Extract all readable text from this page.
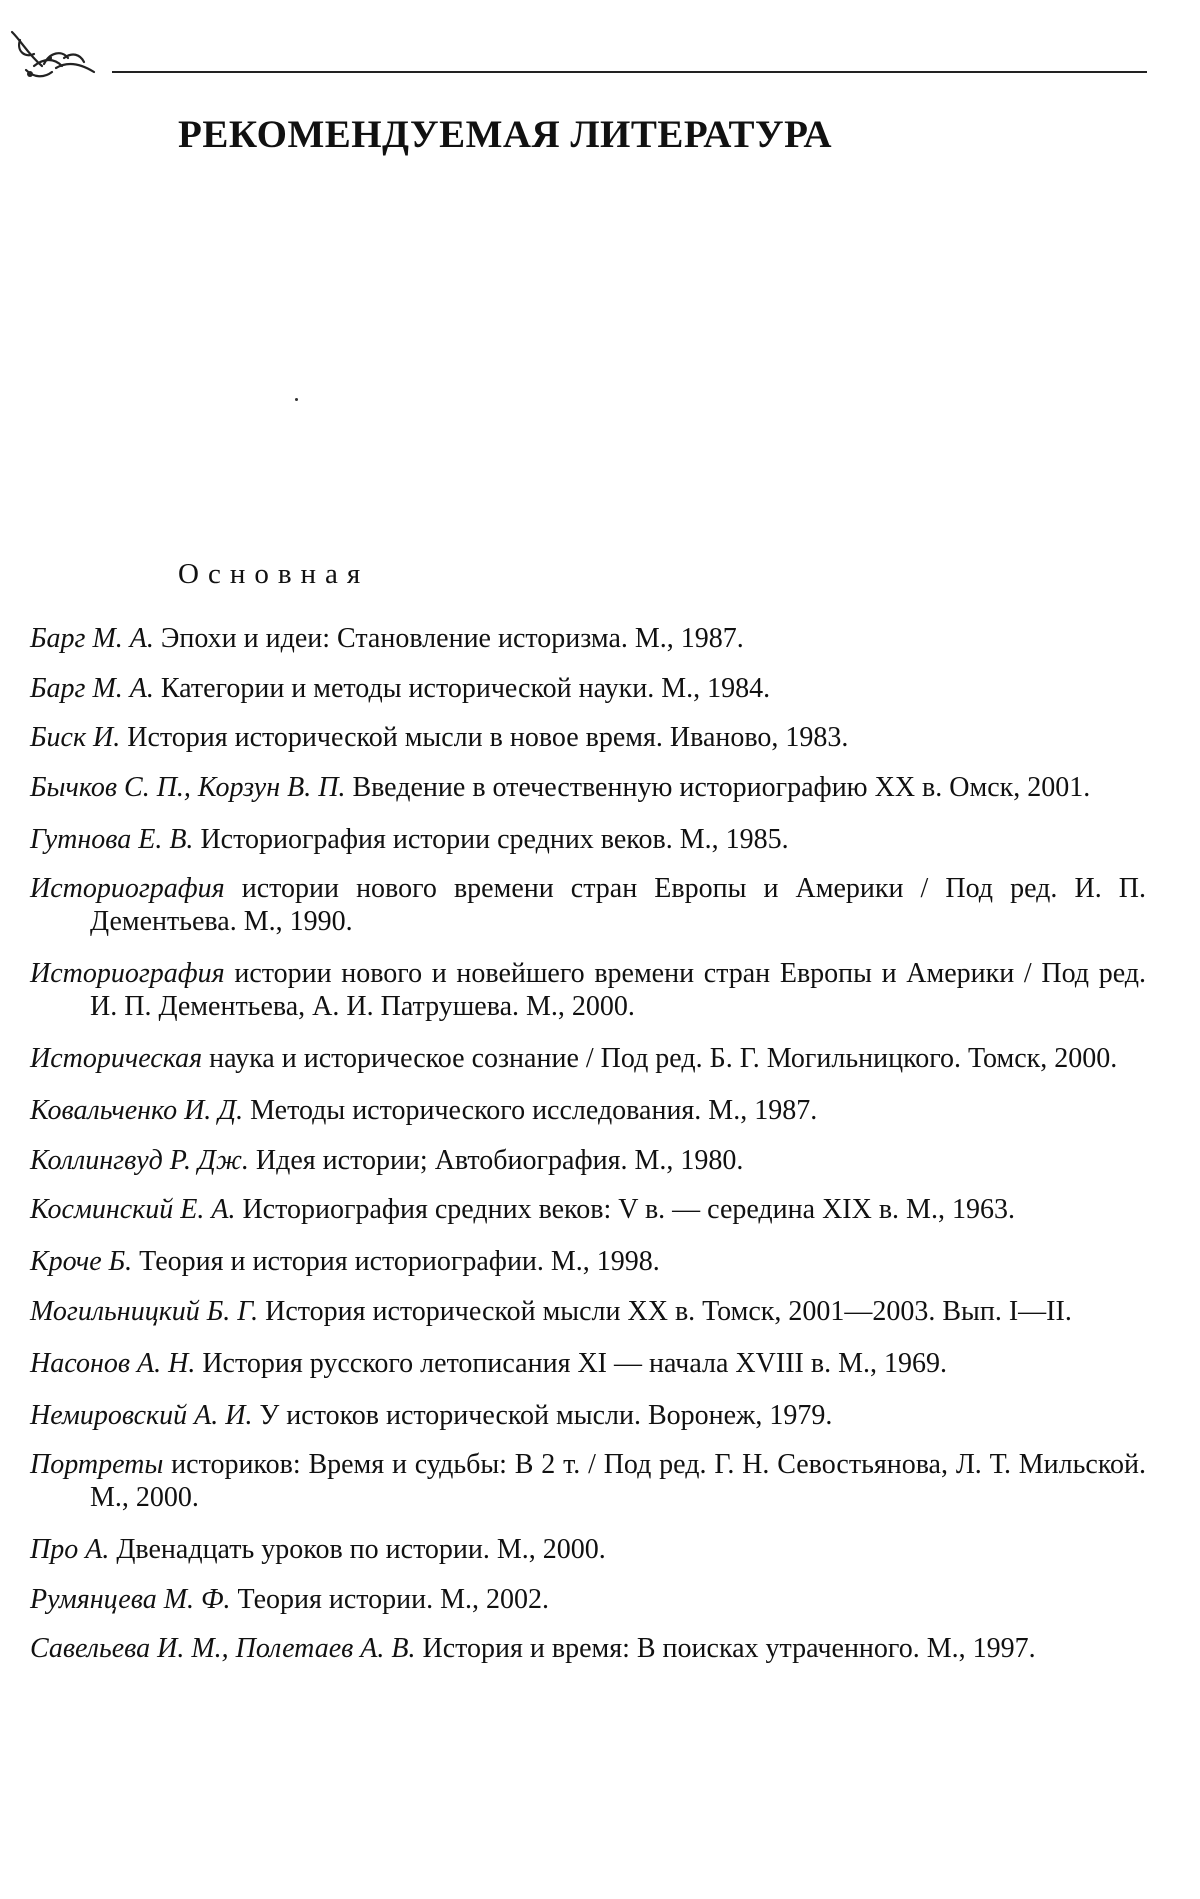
РЕКОМЕНДУЕМАЯ ЛИТЕРАТУРА
Основная
Барг М. А. Эпохи и идеи: Становление историзма. М., 1987.
Барг М. А. Категории и методы исторической науки. М., 1984.
Биск И. История исторической мысли в новое время. Иваново, 1983.
Бычков С. П., Корзун В. П. Введение в отечественную историографию XX в. Омск, 2001.
Гутнова Е. В. Историография истории средних веков. М., 1985.
Историография истории нового времени стран Европы и Америки / Под ред. И. П. Дементьева. М., 1990.
Историография истории нового и новейшего времени стран Европы и Америки / Под ред. И. П. Дементьева, А. И. Патрушева. М., 2000.
Историческая наука и историческое сознание / Под ред. Б. Г. Могильницкого. Томск, 2000.
Ковальченко И. Д. Методы исторического исследования. М., 1987.
Коллингвуд Р. Дж. Идея истории; Автобиография. М., 1980.
Косминский Е. А. Историография средних веков: V в. — середина XIX в. М., 1963.
Кроче Б. Теория и история историографии. М., 1998.
Могильницкий Б. Г. История исторической мысли XX в. Томск, 2001—2003. Вып. I—II.
Насонов А. Н. История русского летописания XI — начала XVIII в. М., 1969.
Немировский А. И. У истоков исторической мысли. Воронеж, 1979.
Портреты историков: Время и судьбы: В 2 т. / Под ред. Г. Н. Севостьянова, Л. Т. Мильской. М., 2000.
Про А. Двенадцать уроков по истории. М., 2000.
Румянцева М. Ф. Теория истории. М., 2002.
Савельева И. М., Полетаев А. В. История и время: В поисках утраченного. М., 1997.
